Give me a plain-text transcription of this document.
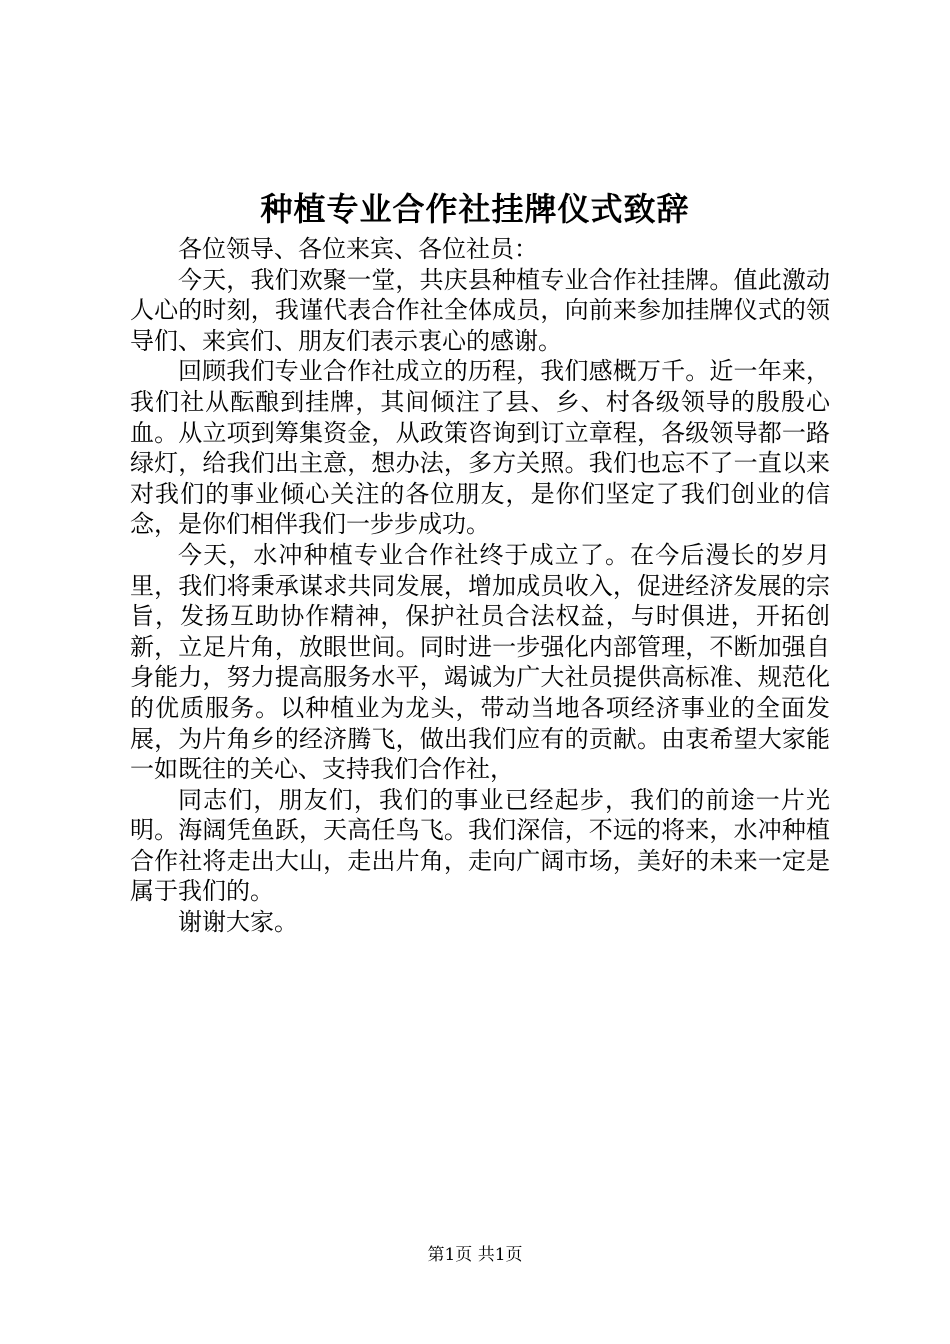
种植专业合作社挂牌仪式致辞

各位领导、各位来宾、各位社员：

今天，我们欢聚一堂，共庆县种植专业合作社挂牌。值此激动人心的时刻，我谨代表合作社全体成员，向前来参加挂牌仪式的领导们、来宾们、朋友们表示衷心的感谢。

回顾我们专业合作社成立的历程，我们感概万千。近一年来，我们社从酝酿到挂牌，其间倾注了县、乡、村各级领导的殷殷心血。从立项到筹集资金，从政策咨询到订立章程，各级领导都一路绿灯，给我们出主意，想办法，多方关照。我们也忘不了一直以来对我们的事业倾心关注的各位朋友，是你们坚定了我们创业的信念，是你们相伴我们一步步成功。

今天，水冲种植专业合作社终于成立了。在今后漫长的岁月里，我们将秉承谋求共同发展，增加成员收入，促进经济发展的宗旨，发扬互助协作精神，保护社员合法权益，与时俱进，开拓创新，立足片角，放眼世间。同时进一步强化内部管理，不断加强自身能力，努力提高服务水平，竭诚为广大社员提供高标准、规范化的优质服务。以种植业为龙头，带动当地各项经济事业的全面发展，为片角乡的经济腾飞，做出我们应有的贡献。由衷希望大家能一如既往的关心、支持我们合作社，

同志们，朋友们，我们的事业已经起步，我们的前途一片光明。海阔凭鱼跃，天高任鸟飞。我们深信，不远的将来，水冲种植合作社将走出大山，走出片角，走向广阔市场，美好的未来一定是属于我们的。

谢谢大家。

第1页 共1页
